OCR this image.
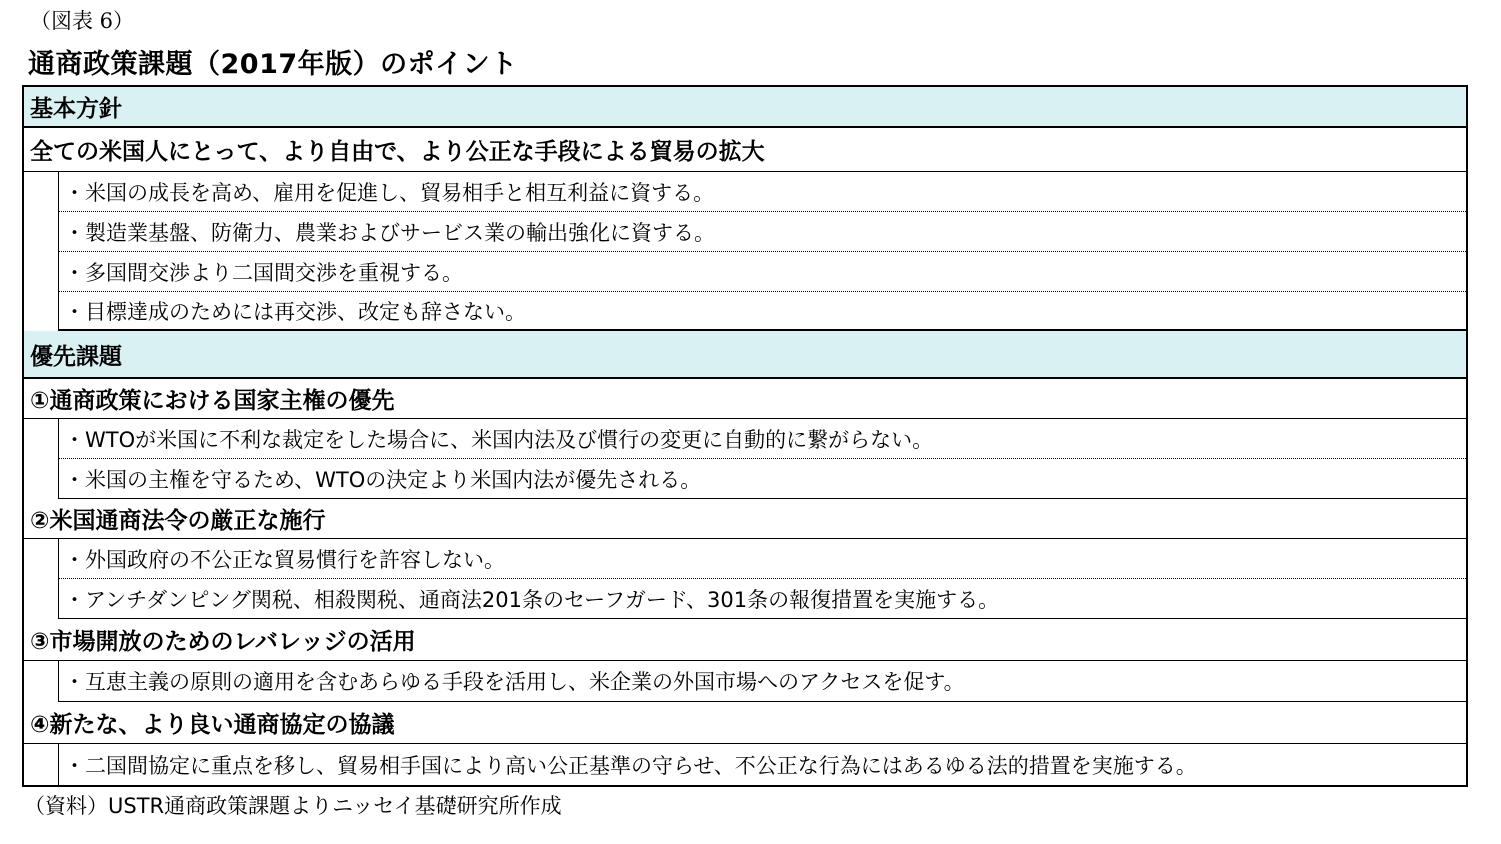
（図表 6）
通商政策課題（2017年版）のポイント
基本方針
全ての米国人にとって、より自由で、より公正な手段による貿易の拡大
・米国の成長を高め、雇用を促進し、貿易相手と相互利益に資する。
・製造業基盤、防衛力、農業およびサービス業の輸出強化に資する。
・多国間交渉より二国間交渉を重視する。
・目標達成のためには再交渉、改定も辞さない。
優先課題
①通商政策における国家主権の優先
・WTOが米国に不利な裁定をした場合に、米国内法及び慣行の変更に自動的に繋がらない。
・米国の主権を守るため、WTOの決定より米国内法が優先される。
②米国通商法令の厳正な施行
・外国政府の不公正な貿易慣行を許容しない。
・アンチダンピング関税、相殺関税、通商法201条のセーフガード、301条の報復措置を実施する。
③市場開放のためのレバレッジの活用
・互恵主義の原則の適用を含むあらゆる手段を活用し、米企業の外国市場へのアクセスを促す。
④新たな、より良い通商協定の協議
・二国間協定に重点を移し、貿易相手国により高い公正基準の守らせ、不公正な行為にはあるゆる法的措置を実施する。
（資料）USTR通商政策課題よりニッセイ基礎研究所作成
